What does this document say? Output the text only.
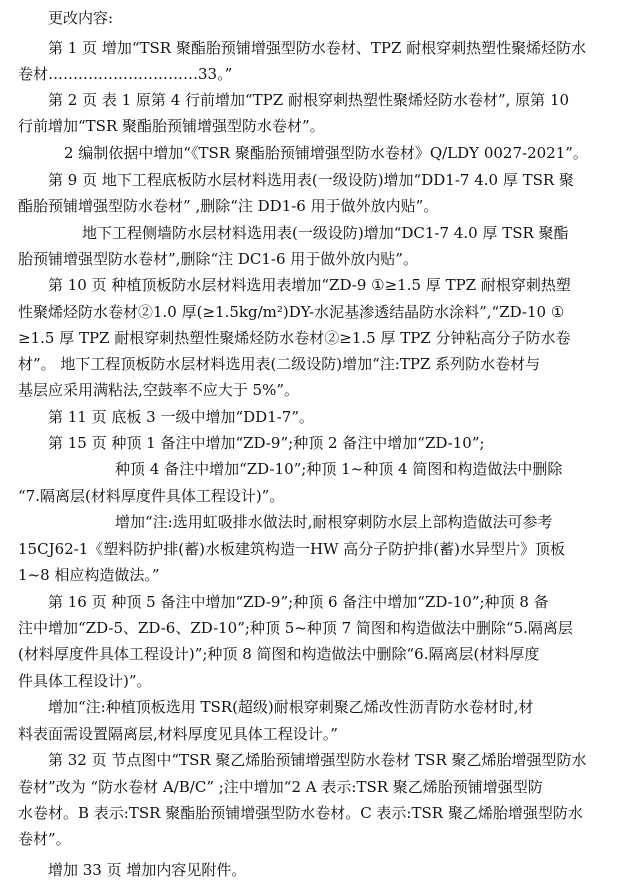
更改内容:
第 1 页 增加“TSR 聚酯胎预铺增强型防水卷材、TPZ 耐根穿刺热塑性聚烯烃防水
卷材…………………………33。”
第 2 页 表 1 原第 4 行前增加“TPZ 耐根穿刺热塑性聚烯烃防水卷材”, 原第 10
行前增加“TSR 聚酯胎预铺增强型防水卷材”。
2 编制依据中增加“《TSR 聚酯胎预铺增强型防水卷材》Q/LDY 0027-2021”。
第 9 页 地下工程底板防水层材料选用表(一级设防)增加“DD1-7 4.0 厚 TSR 聚
酯胎预铺增强型防水卷材” ,删除“注 DD1-6 用于做外放内贴”。
地下工程侧墙防水层材料选用表(一级设防)增加“DC1-7 4.0 厚 TSR 聚酯
胎预铺增强型防水卷材”,删除“注 DC1-6 用于做外放内贴”。
第 10 页 种植顶板防水层材料选用表增加“ZD-9 ①≥1.5 厚 TPZ 耐根穿刺热塑
性聚烯烃防水卷材②1.0 厚(≥1.5kg/m²)DY-水泥基渗透结晶防水涂料”,“ZD-10 ①
≥1.5 厚 TPZ 耐根穿刺热塑性聚烯烃防水卷材②≥1.5 厚 TPZ 分钟粘高分子防水卷
材”。 地下工程顶板防水层材料选用表(二级设防)增加“注:TPZ 系列防水卷材与
基层应采用满粘法,空鼓率不应大于 5%”。
第 11 页 底板 3 一级中增加“DD1-7”。
第 15 页 种顶 1 备注中增加“ZD-9”;种顶 2 备注中增加“ZD-10”;
种顶 4 备注中增加“ZD-10”;种顶 1~种顶 4 简图和构造做法中删除
“7.隔离层(材料厚度件具体工程设计)”。
增加“注:选用虹吸排水做法时,耐根穿刺防水层上部构造做法可参考
15CJ62-1《塑料防护排(蓄)水板建筑构造一HW 高分子防护排(蓄)水异型片》顶板
1~8 相应构造做法。”
第 16 页 种顶 5 备注中增加“ZD-9”;种顶 6 备注中增加“ZD-10”;种顶 8 备
注中增加“ZD-5、ZD-6、ZD-10”;种顶 5~种顶 7 简图和构造做法中删除“5.隔离层
(材料厚度件具体工程设计)”;种顶 8 简图和构造做法中删除“6.隔离层(材料厚度
件具体工程设计)”。
增加“注:种植顶板选用 TSR(超级)耐根穿刺聚乙烯改性沥青防水卷材时,材
料表面需设置隔离层,材料厚度见具体工程设计。”
第 32 页 节点图中“TSR 聚乙烯胎预铺增强型防水卷材 TSR 聚乙烯胎增强型防水
卷材”改为 “防水卷材 A/B/C” ;注中增加“2 A 表示:TSR 聚乙烯胎预铺增强型防
水卷材。B 表示:TSR 聚酯胎预铺增强型防水卷材。C 表示:TSR 聚乙烯胎增强型防水
卷材”。
增加 33 页 增加内容见附件。
